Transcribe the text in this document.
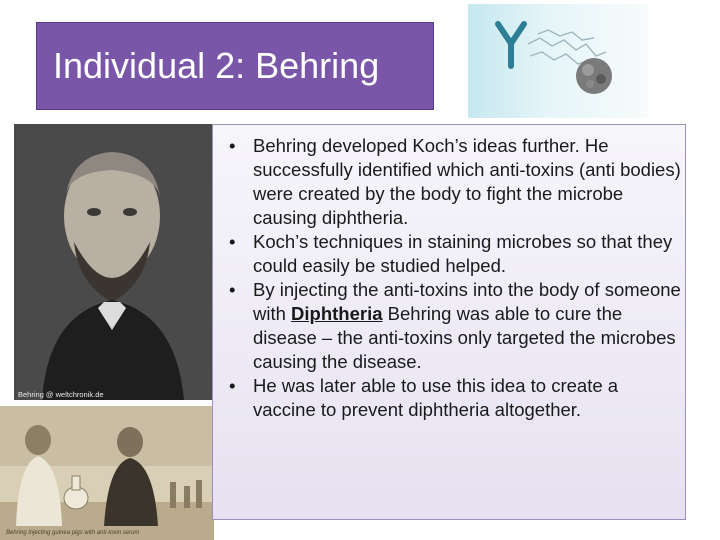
Individual 2: Behring
Behring @ weltchronik.de
Behring injecting guinea pigs with anti-toxin serum
• Behring developed Koch’s ideas further. He successfully identified which anti-toxins (anti bodies) were created by the body to fight the microbe causing diphtheria.
• Koch’s techniques in staining microbes so that they could easily be studied helped.
• By injecting the anti-toxins into the body of someone with Diphtheria Behring was able to cure the disease – the anti-toxins only targeted the microbes causing the disease.
• He was later able to use this idea to create a vaccine to prevent diphtheria altogether.
